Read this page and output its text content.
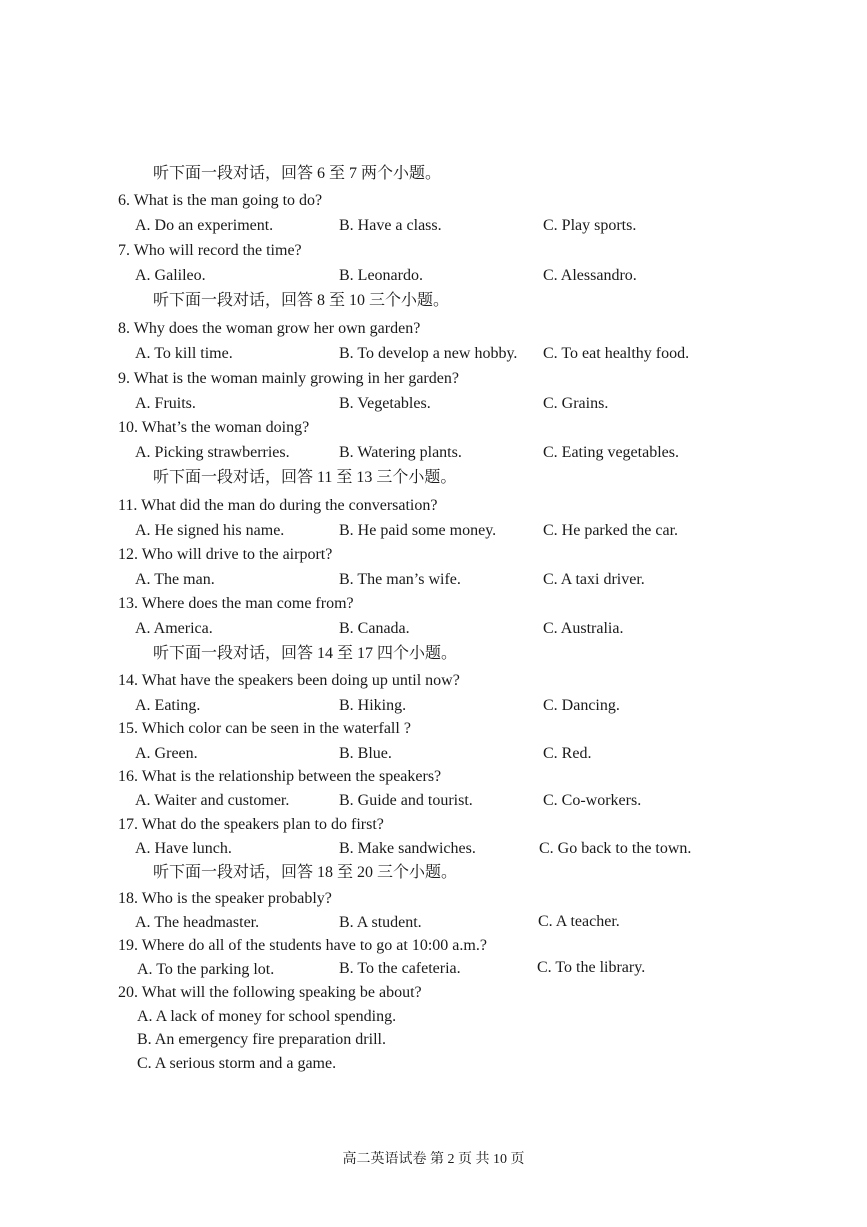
听下面一段对话，回答 6 至 7 两个小题。
6. What is the man going to do?
A. Do an experiment.	B. Have a class.	C. Play sports.
7. Who will record the time?
A. Galileo.	B. Leonardo.	C. Alessandro.
听下面一段对话，回答 8 至 10 三个小题。
8. Why does the woman grow her own garden?
A. To kill time.	B. To develop a new hobby. C. To eat healthy food.
9. What is the woman mainly growing in her garden?
A. Fruits.	B. Vegetables.	C. Grains.
10. What’s the woman doing?
A. Picking strawberries.	B. Watering plants.	C. Eating vegetables.
听下面一段对话，回答 11 至 13 三个小题。
11. What did the man do during the conversation?
A. He signed his name.	B. He paid some money.	C. He parked the car.
12. Who will drive to the airport?
A. The man.	B. The man’s wife.	C. A taxi driver.
13. Where does the man come from?
A. America.	B. Canada.	C. Australia.
听下面一段对话，回答 14 至 17 四个小题。
14. What have the speakers been doing up until now?
A. Eating.	B. Hiking.	C. Dancing.
15. Which color can be seen in the waterfall ?
A. Green.	B. Blue.	C. Red.
16. What is the relationship between the speakers?
A. Waiter and customer.	B. Guide and tourist.	C. Co-workers.
17. What do the speakers plan to do first?
A. Have lunch.	B. Make sandwiches.	C. Go back to the town.
听下面一段对话，回答 18 至 20 三个小题。
18. Who is the speaker probably?
A. The headmaster.	B. A student.	C. A teacher.
19. Where do all of the students have to go at 10:00 a.m.?
A. To the parking lot.	B. To the cafeteria.	C. To the library.
20. What will the following speaking be about?
A. A lack of money for school spending.
B. An emergency fire preparation drill.
C. A serious storm and a game.
高二英语试卷 第 2 页 共 10 页
